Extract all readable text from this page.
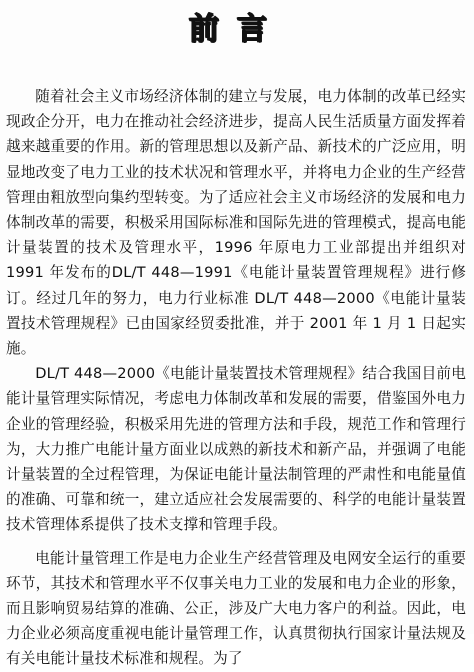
前言

随着社会主义市场经济体制的建立与发展，电力体制的改革已经实现政企分开，电力在推动社会经济进步，提高人民生活质量方面发挥着越来越重要的作用。新的管理思想以及新产品、新技术的广泛应用，明显地改变了电力工业的技术状况和管理水平，并将电力企业的生产经营管理由粗放型向集约型转变。为了适应社会主义市场经济的发展和电力体制改革的需要，积极采用国际标准和国际先进的管理模式，提高电能计量装置的技术及管理水平，1996 年原电力工业部提出并组织对 1991 年发布的DL/T 448—1991《电能计量装置管理规程》进行修订。经过几年的努力，电力行业标准 DL/T 448—2000《电能计量装置技术管理规程》已由国家经贸委批准，并于 2001 年 1 月 1 日起实施。

DL/T 448—2000《电能计量装置技术管理规程》结合我国目前电能计量管理实际情况，考虑电力体制改革和发展的需要，借鉴国外电力企业的管理经验，积极采用先进的管理方法和手段，规范工作和管理行为，大力推广电能计量方面业以成熟的新技术和新产品，并强调了电能计量装置的全过程管理，为保证电能计量法制管理的严肃性和电能量值的准确、可靠和统一，建立适应社会发展需要的、科学的电能计量装置技术管理体系提供了技术支撑和管理手段。

电能计量管理工作是电力企业生产经营管理及电网安全运行的重要环节，其技术和管理水平不仅事关电力工业的发展和电力企业的形象，而且影响贸易结算的准确、公正，涉及广大电力客户的利益。因此，电力企业必须高度重视电能计量管理工作，认真贯彻执行国家计量法规及有关电能计量技术标准和规程。为了
